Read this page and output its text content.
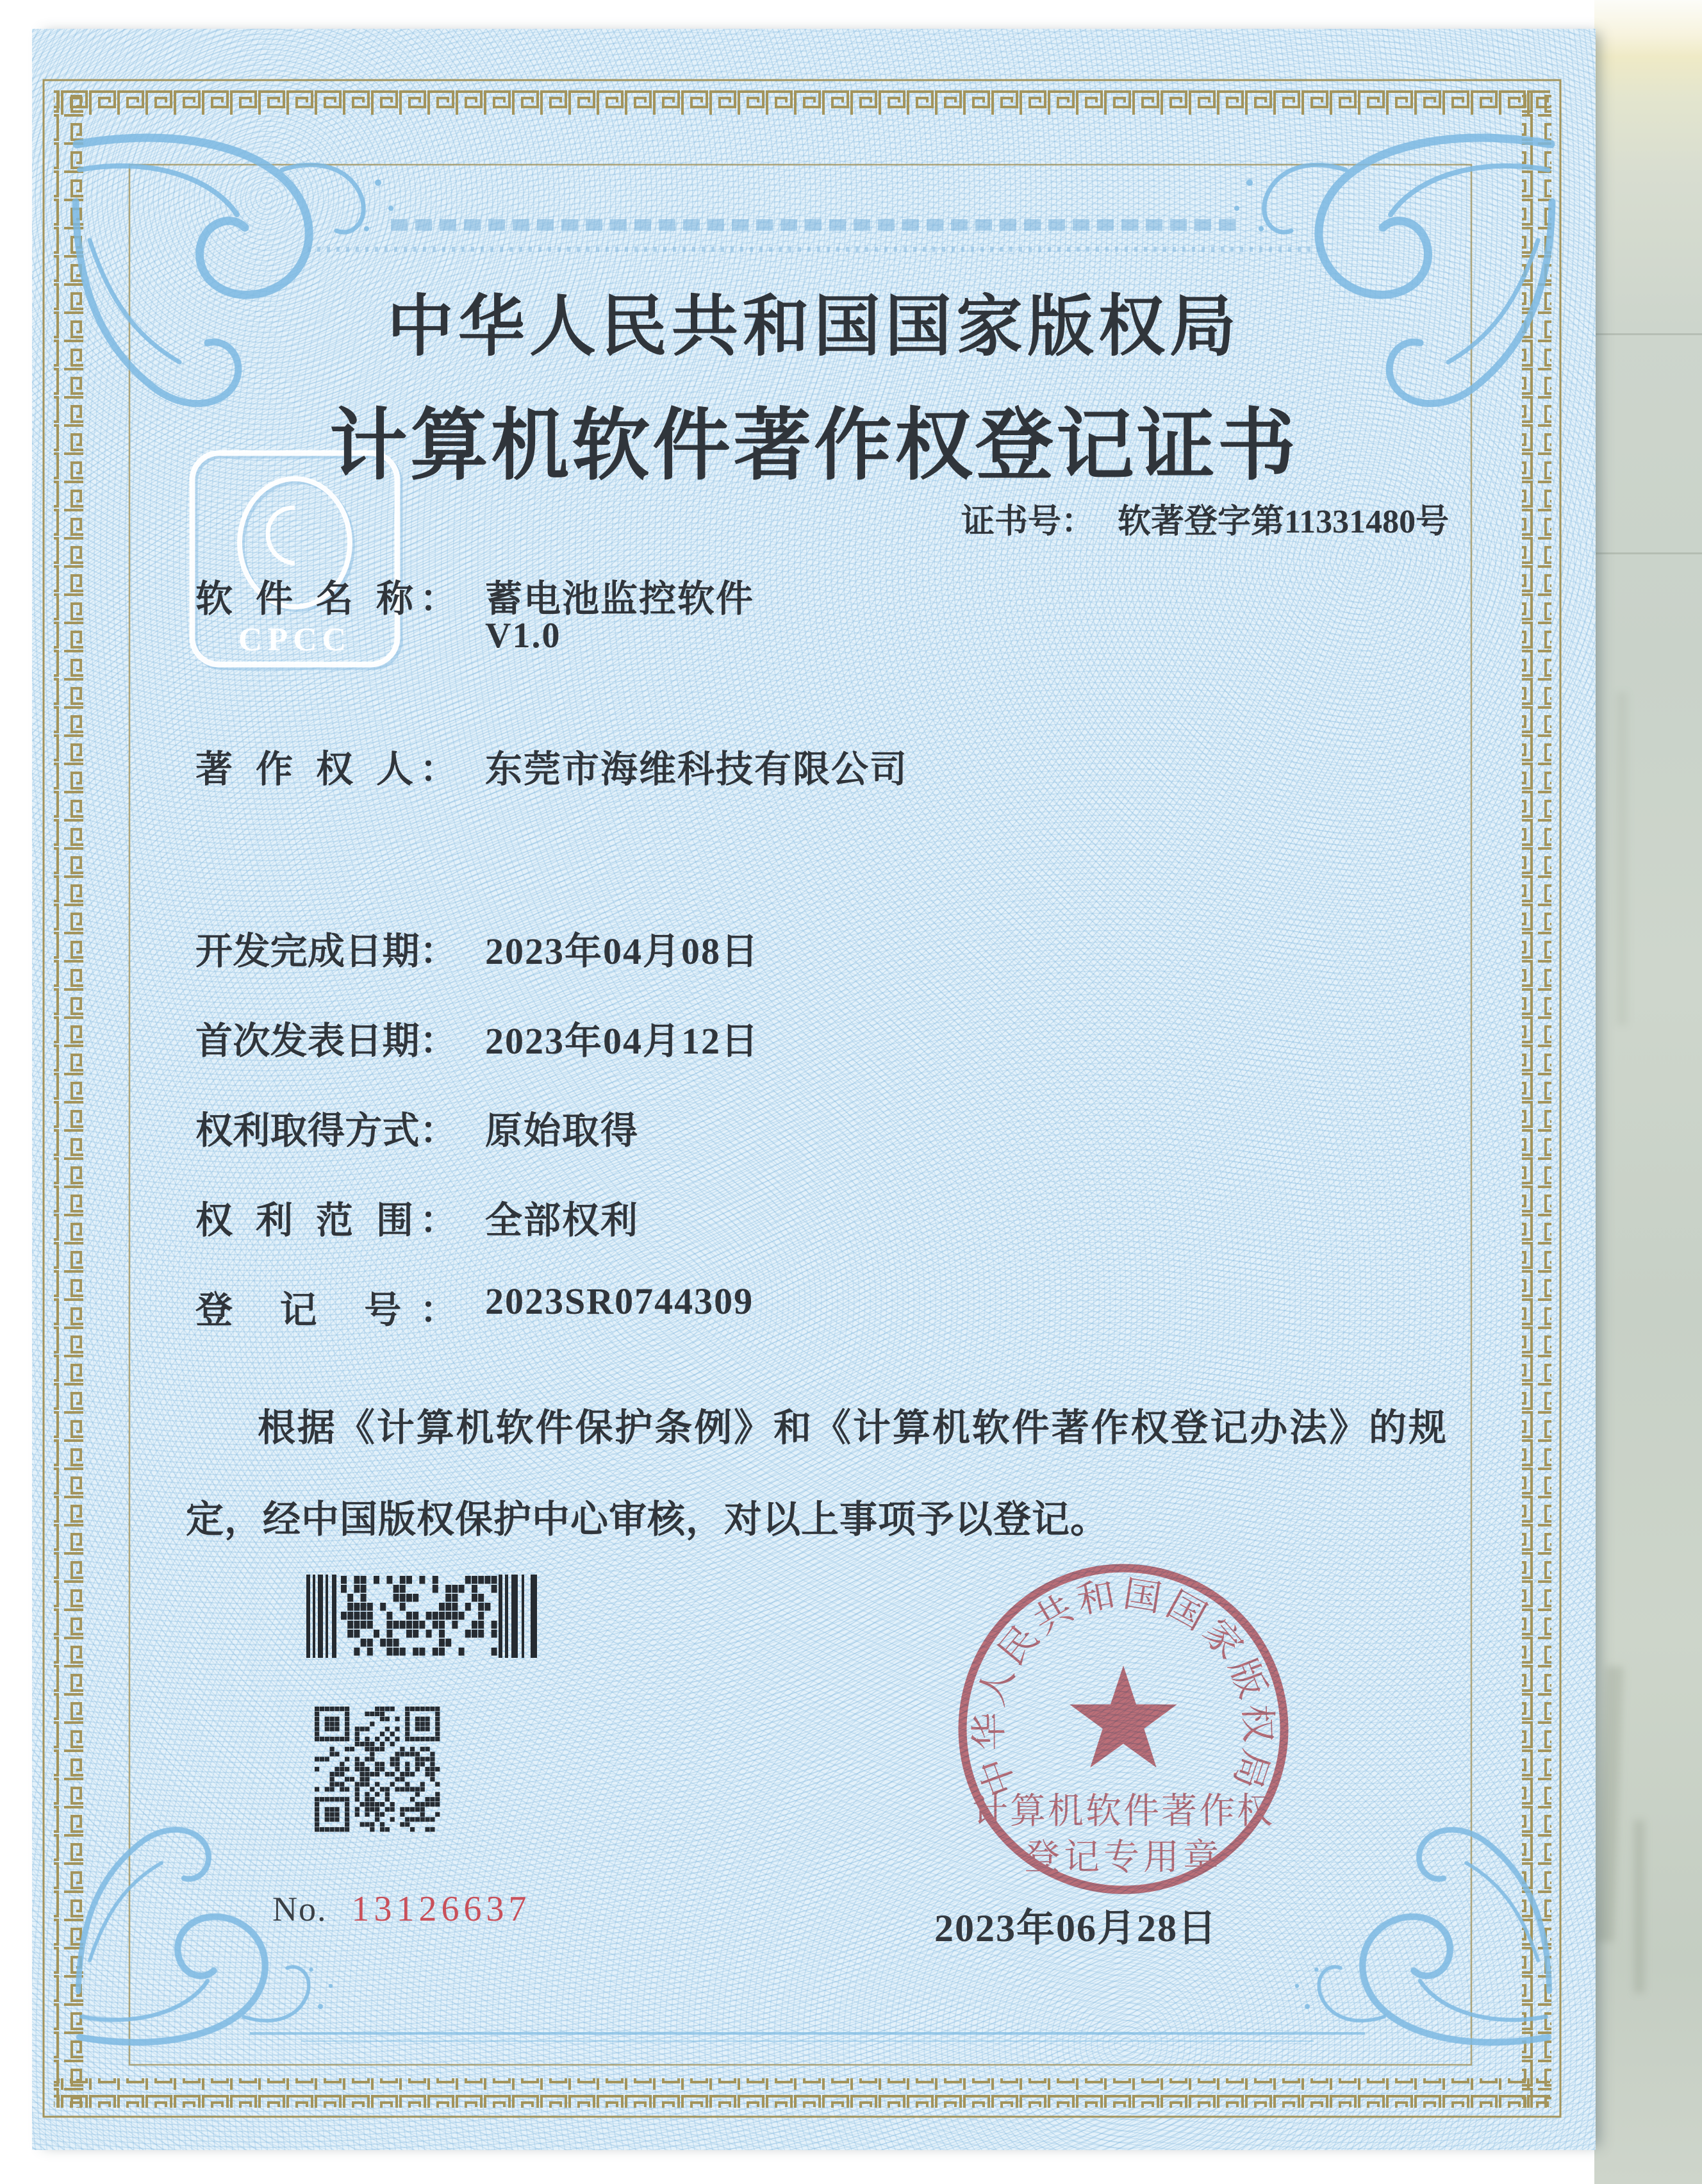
CPCC
中华人民共和国国家版权局
计算机软件著作权
登记专用章
中华人民共和国国家版权局
计算机软件著作权登记证书
证书号： 软著登字第11331480号
软 件 名 称： 蓄电池监控软件
V1.0
著 作 权 人： 东莞市海维科技有限公司
开发完成日期： 2023年04月08日
首次发表日期： 2023年04月12日
权利取得方式： 原始取得
权 利 范 围： 全部权利
登 记 号： 2023SR0744309
根据《计算机软件保护条例》和《计算机软件著作权登记办法》的规定，经中国版权保护中心审核，对以上事项予以登记。
No. 13126637	2023年06月28日
